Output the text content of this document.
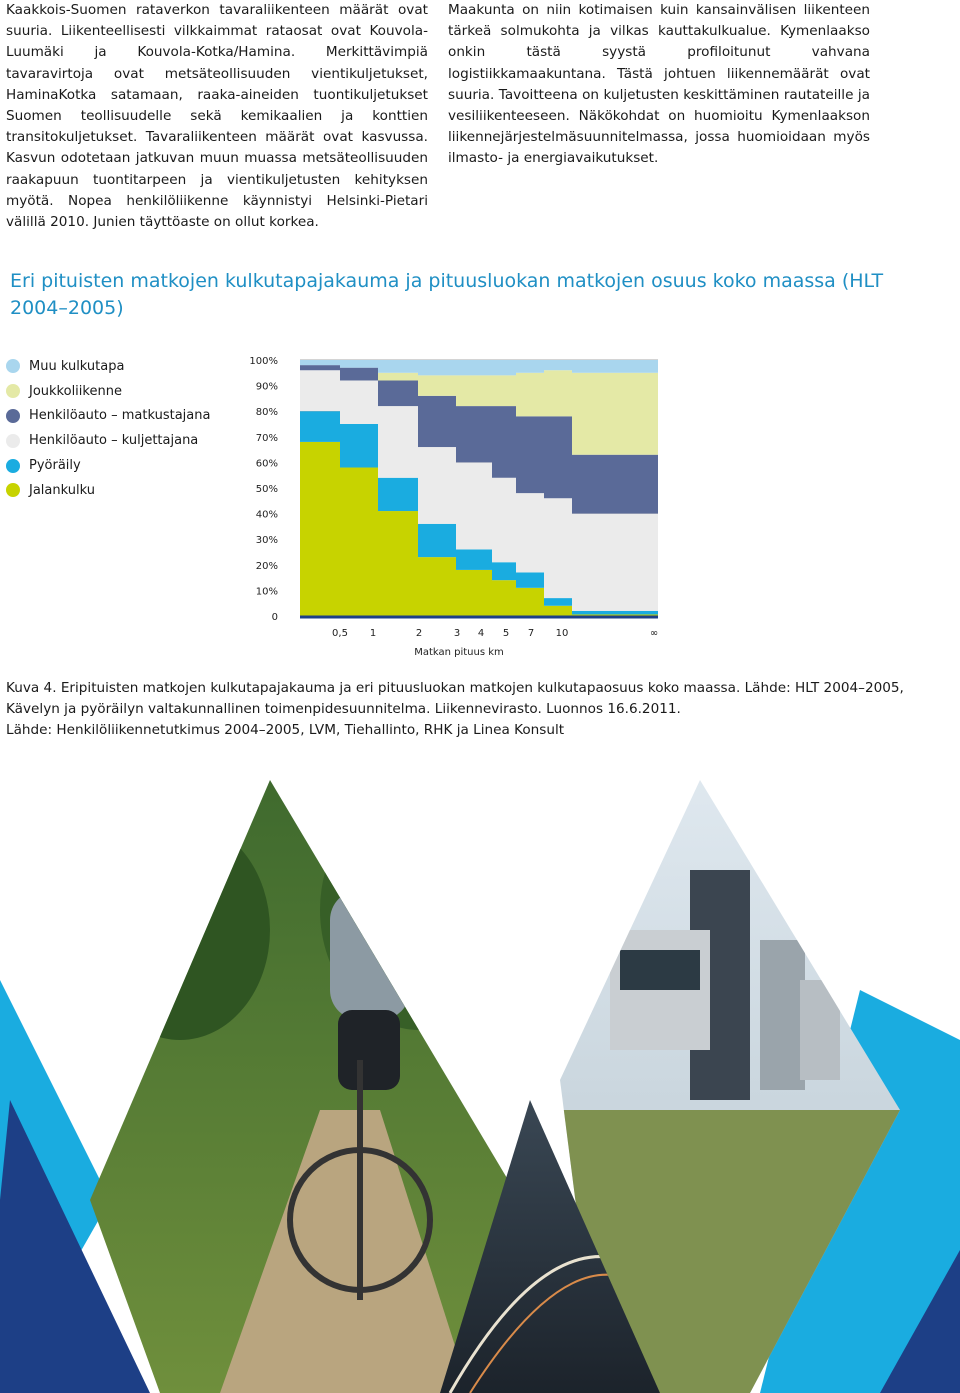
Kaakkois-Suomen rataverkon tavaraliikenteen määrät ovat suuria. Liikenteellisesti vilkkaimmat rataosat ovat Kouvola-Luumäki ja Kouvola-Kotka/Hamina. Merkittävimpiä tavaravirtoja ovat metsäteollisuuden vientikuljetukset, HaminaKotka satamaan, raaka-aineiden tuontikuljetukset Suomen teollisuudelle sekä kemikaalien ja konttien transitokuljetukset. Tavaraliikenteen määrät ovat kasvussa. Kasvun odotetaan jatkuvan muun muassa metsäteollisuuden raakapuun tuontitarpeen ja vientikuljetusten kehityksen myötä. Nopea henkilöliikenne käynnistyi Helsinki-Pietari välillä 2010. Junien täyttöaste on ollut korkea.

Maakunta on niin kotimaisen kuin kansainvälisen liikenteen tärkeä solmukohta ja vilkas kauttakulkualue. Kymenlaakso onkin tästä syystä profiloitunut vahvana logistiikkamaakuntana. Tästä johtuen liikennemäärät ovat suuria. Tavoitteena on kuljetusten keskittäminen rautateille ja vesiliikenteeseen. Näkökohdat on huomioitu Kymenlaakson liikennejärjestelmäsuunnitelmassa, jossa huomioidaan myös ilmasto- ja energiavaikutukset.

Eri pituisten matkojen kulkutapajakauma ja pituusluokan matkojen osuus koko maassa (HLT 2004–2005)
Muu kulkutapa
Joukkoliikenne
Henkilöauto – matkustajana
Henkilöauto – kuljettajana
Pyöräily
Jalankulku
0
10%
20%
30%
40%
50%
60%
70%
80%
90%
100%
0,5 1	2	3 4 5 7 10	∞
Matkan pituus km

Kuva 4. Eripituisten matkojen kulkutapajakauma ja eri pituusluokan matkojen kulkutapaosuus koko maassa. Lähde: HLT 2004–2005, Kävelyn ja pyöräilyn valtakunnallinen toimenpidesuunnitelma. Liikennevirasto. Luonnos 16.6.2011.

Lähde: Henkilöliikennetutkimus 2004–2005, LVM, Tiehallinto, RHK ja Linea Konsult
